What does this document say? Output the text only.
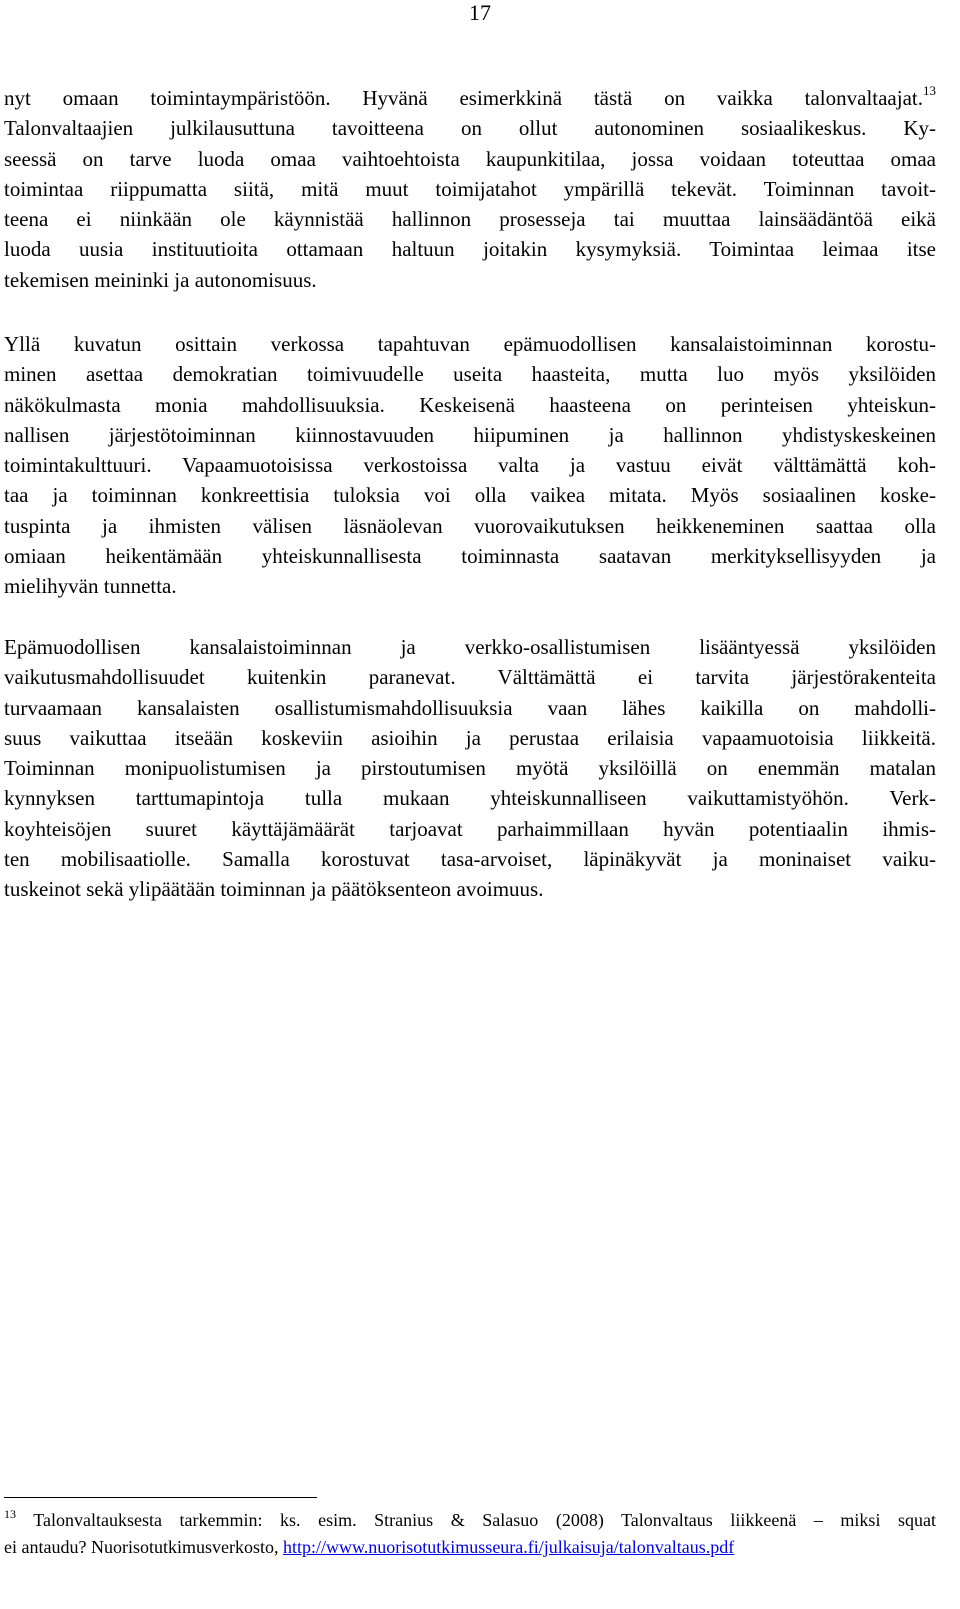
17
nyt omaan toimintaympäristöön. Hyvänä esimerkkinä tästä on vaikka talonvaltaajat.$^{13}$
Talonvaltaajien julkilausuttuna tavoitteena on ollut autonominen sosiaalikeskus. Ky-
seessä on tarve luoda omaa vaihtoehtoista kaupunkitilaa, jossa voidaan toteuttaa omaa
toimintaa riippumatta siitä, mitä muut toimijatahot ympärillä tekevät. Toiminnan tavoit-
teena ei niinkään ole käynnistää hallinnon prosesseja tai muuttaa lainsäädäntöä eikä
luoda uusia instituutioita ottamaan haltuun joitakin kysymyksiä. Toimintaa leimaa itse
tekemisen meininki ja autonomisuus.
Yllä kuvatun osittain verkossa tapahtuvan epämuodollisen kansalaistoiminnan korostu-
minen asettaa demokratian toimivuudelle useita haasteita, mutta luo myös yksilöiden
näkökulmasta monia mahdollisuuksia. Keskeisenä haasteena on perinteisen yhteiskun-
nallisen järjestötoiminnan kiinnostavuuden hiipuminen ja hallinnon yhdistyskeskeinen
toimintakulttuuri. Vapaamuotoisissa verkostoissa valta ja vastuu eivät välttämättä koh-
taa ja toiminnan konkreettisia tuloksia voi olla vaikea mitata. Myös sosiaalinen koske-
tuspinta ja ihmisten välisen läsnäolevan vuorovaikutuksen heikkeneminen saattaa olla
omiaan heikentämään yhteiskunnallisesta toiminnasta saatavan merkityksellisyyden ja
mielihyvän tunnetta.
Epämuodollisen kansalaistoiminnan ja verkko-osallistumisen lisääntyessä yksilöiden
vaikutusmahdollisuudet kuitenkin paranevat. Välttämättä ei tarvita järjestörakenteita
turvaamaan kansalaisten osallistumismahdollisuuksia vaan lähes kaikilla on mahdolli-
suus vaikuttaa itseään koskeviin asioihin ja perustaa erilaisia vapaamuotoisia liikkeitä.
Toiminnan monipuolistumisen ja pirstoutumisen myötä yksilöillä on enemmän matalan
kynnyksen tarttumapintoja tulla mukaan yhteiskunnalliseen vaikuttamistyöhön. Verk-
koyhteisöjen suuret käyttäjämäärät tarjoavat parhaimmillaan hyvän potentiaalin ihmis-
ten mobilisaatiolle. Samalla korostuvat tasa-arvoiset, läpinäkyvät ja moninaiset vaiku-
tuskeinot sekä ylipäätään toiminnan ja päätöksenteon avoimuus.
$^{13}$ Talonvaltauksesta tarkemmin: ks. esim. Stranius & Salasuo (2008) Talonvaltaus liikkeenä – miksi squat
ei antaudu? Nuorisotutkimusverkosto, http://www.nuorisotutkimusseura.fi/julkaisuja/talonvaltaus.pdf
